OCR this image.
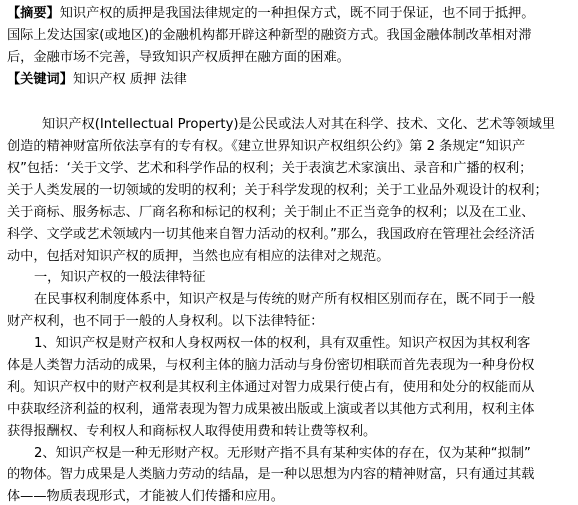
【摘要】知识产权的质押是我国法律规定的一种担保方式，既不同于保证，也不同于抵押。
国际上发达国家(或地区)的金融机构都开辟这种新型的融资方式。我国金融体制改革相对滞
后，金融市场不完善，导致知识产权质押在融方面的困难。
【关键词】知识产权 质押 法律
知识产权(Intellectual Property)是公民或法人对其在科学、技术、文化、艺术等领域里
创造的精神财富所依法享有的专有权。《建立世界知识产权组织公约》第 2 条规定“知识产
权”包括：‘关于文学、艺术和科学作品的权利；关于表演艺术家演出、录音和广播的权利；
关于人类发展的一切领域的发明的权利；关于科学发现的权利；关于工业品外观设计的权利；
关于商标、服务标志、厂商名称和标记的权利；关于制止不正当竞争的权利；以及在工业、
科学、文学或艺术领域内一切其他来自智力活动的权利。”那么，我国政府在管理社会经济活
动中，包括对知识产权的质押，当然也应有相应的法律对之规范。
一，知识产权的一般法律特征
在民事权利制度体系中，知识产权是与传统的财产所有权相区别而存在，既不同于一般
财产权利，也不同于一般的人身权利。以下法律特征：
1、知识产权是财产权和人身权两权一体的权利，具有双重性。知识产权因为其权利客
体是人类智力活动的成果，与权利主体的脑力活动与身份密切相联而首先表现为一种身份权
利。知识产权中的财产权利是其权利主体通过对智力成果行使占有，使用和处分的权能而从
中获取经济利益的权利，通常表现为智力成果被出版或上演或者以其他方式利用，权利主体
获得报酬权、专利权人和商标权人取得使用费和转让费等权利。
2、知识产权是一种无形财产权。无形财产指不具有某种实体的存在，仅为某种“拟制”
的物体。智力成果是人类脑力劳动的结晶，是一种以思想为内容的精神财富，只有通过其载
体——物质表现形式，才能被人们传播和应用。
